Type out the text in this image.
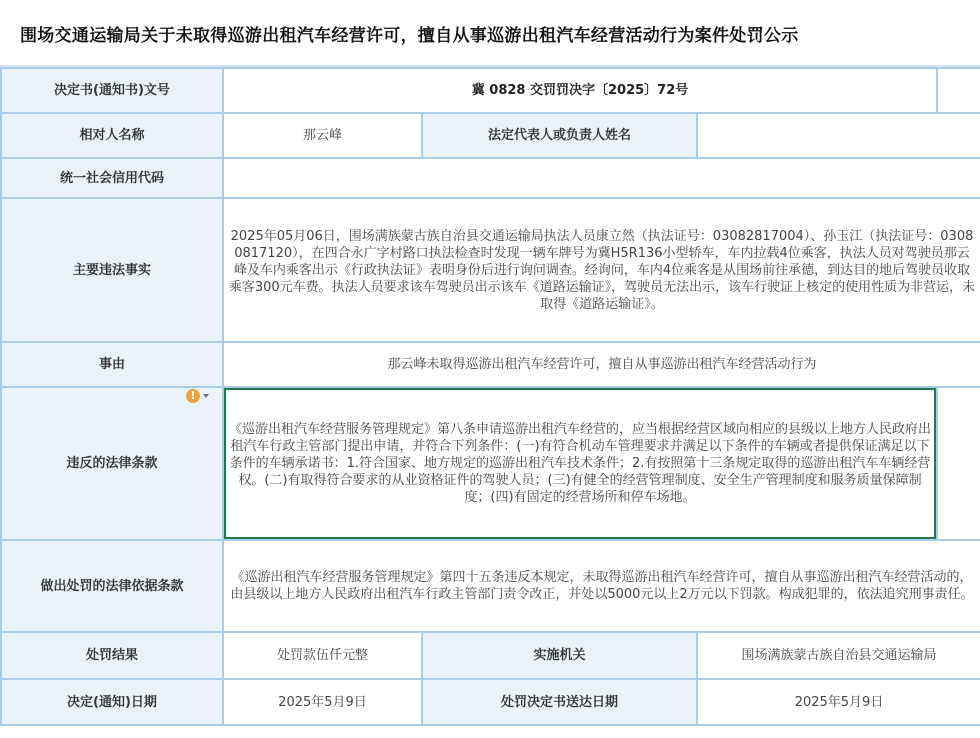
围场交通运输局关于未取得巡游出租汽车经营许可，擅自从事巡游出租汽车经营活动行为案件处罚公示
决定书(通知书)文号	冀 0828 交罚罚决字〔2025〕72号			
相对人名称	那云峰	法定代表人或负责人姓名		
统一社会信用代码				
主要违法事实	2025年05月06日，围场满族蒙古族自治县交通运输局执法人员康立然（执法证号：03082817004）、孙玉江（执法证号：03080817120），在四合永广字村路口执法检查时发现一辆车牌号为冀H5R136小型轿车，车内拉载4位乘客，执法人员对驾驶员那云峰及车内乘客出示《行政执法证》表明身份后进行询问调查。经询问，车内4位乘客是从围场前往承德，到达目的地后驾驶员收取乘客300元车费。执法人员要求该车驾驶员出示该车《道路运输证》，驾驶员无法出示，该车行驶证上核定的使用性质为非营运，未取得《道路运输证》。			
事由	那云峰未取得巡游出租汽车经营许可，擅自从事巡游出租汽车经营活动行为			
违反的法律条款	《巡游出租汽车经营服务管理规定》第八条申请巡游出租汽车经营的，应当根据经营区域向相应的县级以上地方人民政府出租汽车行政主管部门提出申请，并符合下列条件：(一)有符合机动车管理要求并满足以下条件的车辆或者提供保证满足以下条件的车辆承诺书：1.符合国家、地方规定的巡游出租汽车技术条件；2.有按照第十三条规定取得的巡游出租汽车车辆经营权。(二)有取得符合要求的从业资格证件的驾驶人员；(三)有健全的经营管理制度、安全生产管理制度和服务质量保障制度；(四)有固定的经营场所和停车场地。			
做出处罚的法律依据条款	《巡游出租汽车经营服务管理规定》第四十五条违反本规定，未取得巡游出租汽车经营许可，擅自从事巡游出租汽车经营活动的，由县级以上地方人民政府出租汽车行政主管部门责令改正，并处以5000元以上2万元以下罚款。构成犯罪的，依法追究刑事责任。			
处罚结果	处罚款伍仟元整	实施机关	围场满族蒙古族自治县交通运输局	
决定(通知)日期	2025年5月9日	处罚决定书送达日期	2025年5月9日	
!
